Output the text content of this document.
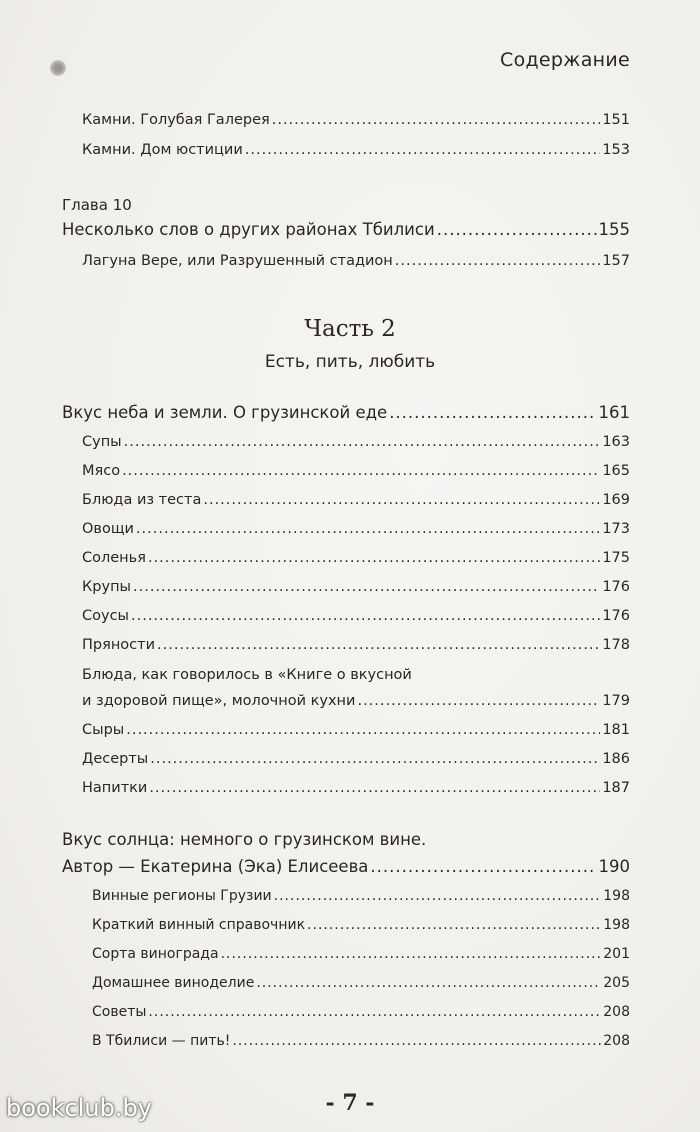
Содержание
Камни. Голубая Галерея .....	151
Камни. Дом юстиции .....	153
Глава 10
Несколько слов о других районах Тбилиси .....	155
Лагуна Вере, или Разрушенный стадион .....	157
Часть 2
Есть, пить, любить
Вкус неба и земли. О грузинской еде .....	161
Супы .....	163
Мясо .....	165
Блюда из теста .....	169
Овощи .....	173
Соленья .....	175
Крупы .....	176
Соусы .....	176
Пряности .....	178
Блюда, как говорилось в «Книге о вкусной
и здоровой пище», молочной кухни .....	179
Сыры .....	181
Десерты .....	186
Напитки .....	187
Вкус солнца: немного о грузинском вине.
Автор — Екатерина (Эка) Елисеева .....	190
Винные регионы Грузии .....	198
Краткий винный справочник .....	198
Сорта винограда .....	201
Домашнее виноделие .....	205
Советы .....	208
В Тбилиси — пить! .....	208
- 7 -
bookclub.by
